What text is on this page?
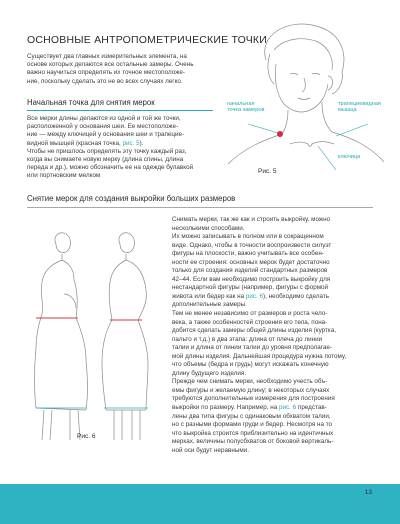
ОСНОВНЫЕ АНТРОПОМЕТРИЧЕСКИЕ ТОЧКИ
Существует два главных измерительных элемента, на
основе которых делаются все остальные замеры. Очень
важно научиться определять их точное местоположе-
ние, поскольку сделать это не во всех случаях легко.
Начальная точка для снятия мерок
Все мерки длины делаются из одной и той же точки,
расположенной у основания шеи. Ее местоположе-
ние — между ключицей у основания шеи и трапецие-
видной мышцей (красная точка, рис. 5).
Чтобы не пришлось определять эту точку каждый раз,
когда вы снимаете новую мерку (длина спины, длина
переда и др.), можно обозначить ее на одежде булавкой
или портновским мелком
начальная
точка замеров
трапециевидная
мышца
ключица
Рис. 5
Снятие мерок для создания выкройки больших размеров
Рис. 6
Снимать мерки, так же как и строить выкройку, можно
несколькими способами.
Их можно записывать в полном или в сокращенном
виде. Однако, чтобы в точности воспроизвести силуэт
фигуры на плоскости, важно учитывать все особен-
ности ее строения: основных мерок будет достаточно
только для создания изделий стандартных размеров
42–44. Если вам необходимо построить выкройку для
нестандартной фигуры (например, фигуры с формой
живота или бедер как на рис. 6), необходимо сделать
дополнительные замеры.
Тем не менее независимо от размеров и роста чело-
века, а также особенностей строения его тела, пона-
добится сделать замеры общей длины изделия (куртка,
пальто и т.д.) в два этапа: длина от плеча до линии
талии и длина от линии талии до уровня предполагае-
мой длины изделия. Дальнейшая процедура нужна потому,
что объемы (бедра и грудь) могут искажать конечную
длину будущего изделия.
Прежде чем снимать мерки, необходимо учесть объ-
емы фигуры и желаемую длину; в некоторых случаях
требуются дополнительные измерения для построения
выкройки по размеру. Например, на рис. 6 представ-
лены два типа фигуры с одинаковым обхватом талии,
но с разными формами груди и бедер. Несмотря на то
что выкройка строится приблизительно на идентичных
мерках, величины полусбхватов от боковой вертикаль-
ной оси будут неравными.
13
